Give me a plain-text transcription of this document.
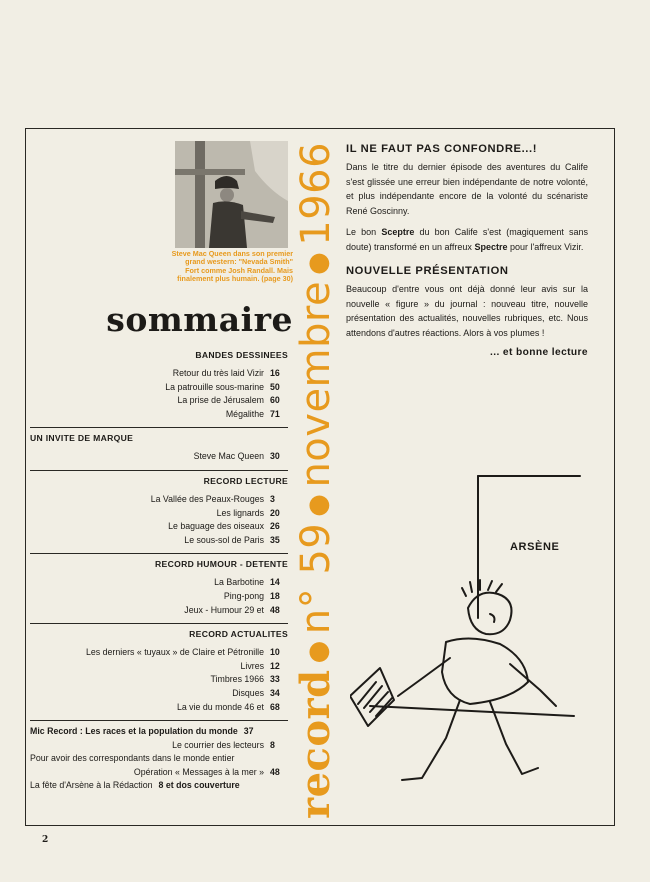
Steve Mac Queen dans son premier grand western: "Nevada Smith" Fort comme Josh Randall. Mais finalement plus humain. (page 30)
sommaire
BANDES DESSINEES
Retour du très laid Vizir 16
La patrouille sous-marine 50
La prise de Jérusalem 60
Mégalithe 71
UN INVITE DE MARQUE
Steve Mac Queen 30
RECORD LECTURE
La Vallée des Peaux-Rouges 3
Les lignards 20
Le baguage des oiseaux 26
Le sous-sol de Paris 35
RECORD HUMOUR - DETENTE
La Barbotine 14
Ping-pong 18
Jeux - Humour 29 et 48
RECORD ACTUALITES
Les derniers « tuyaux » de Claire et Pétronille 10
Livres 12
Timbres 1966 33
Disques 34
La vie du monde 46 et 68
Mic Record : Les races et la population du monde 37
Le courrier des lecteurs 8
Pour avoir des correspondants dans le monde entier
Opération « Messages à la mer » 48
La fête d'Arsène à la Rédaction 8 et dos couverture record●n° 59●novembre●1966 IL NE FAUT PAS CONFONDRE...!

Dans le titre du dernier épisode des aventures du Calife s'est glissée une erreur bien indépendante de notre volonté, et plus indépendante encore de la volonté du scénariste René Goscinny.

Le bon Sceptre du bon Calife s'est (magiquement sans doute) transformé en un affreux Spectre pour l'affreux Vizir.

NOUVELLE PRÉSENTATION

Beaucoup d'entre vous ont déjà donné leur avis sur la nouvelle « figure » du journal : nouveau titre, nouvelle présentation des actualités, nouvelles rubriques, etc. Nous attendons d'autres réactions. Alors à vos plumes !

... et bonne lecture
ARSÈNE
2
